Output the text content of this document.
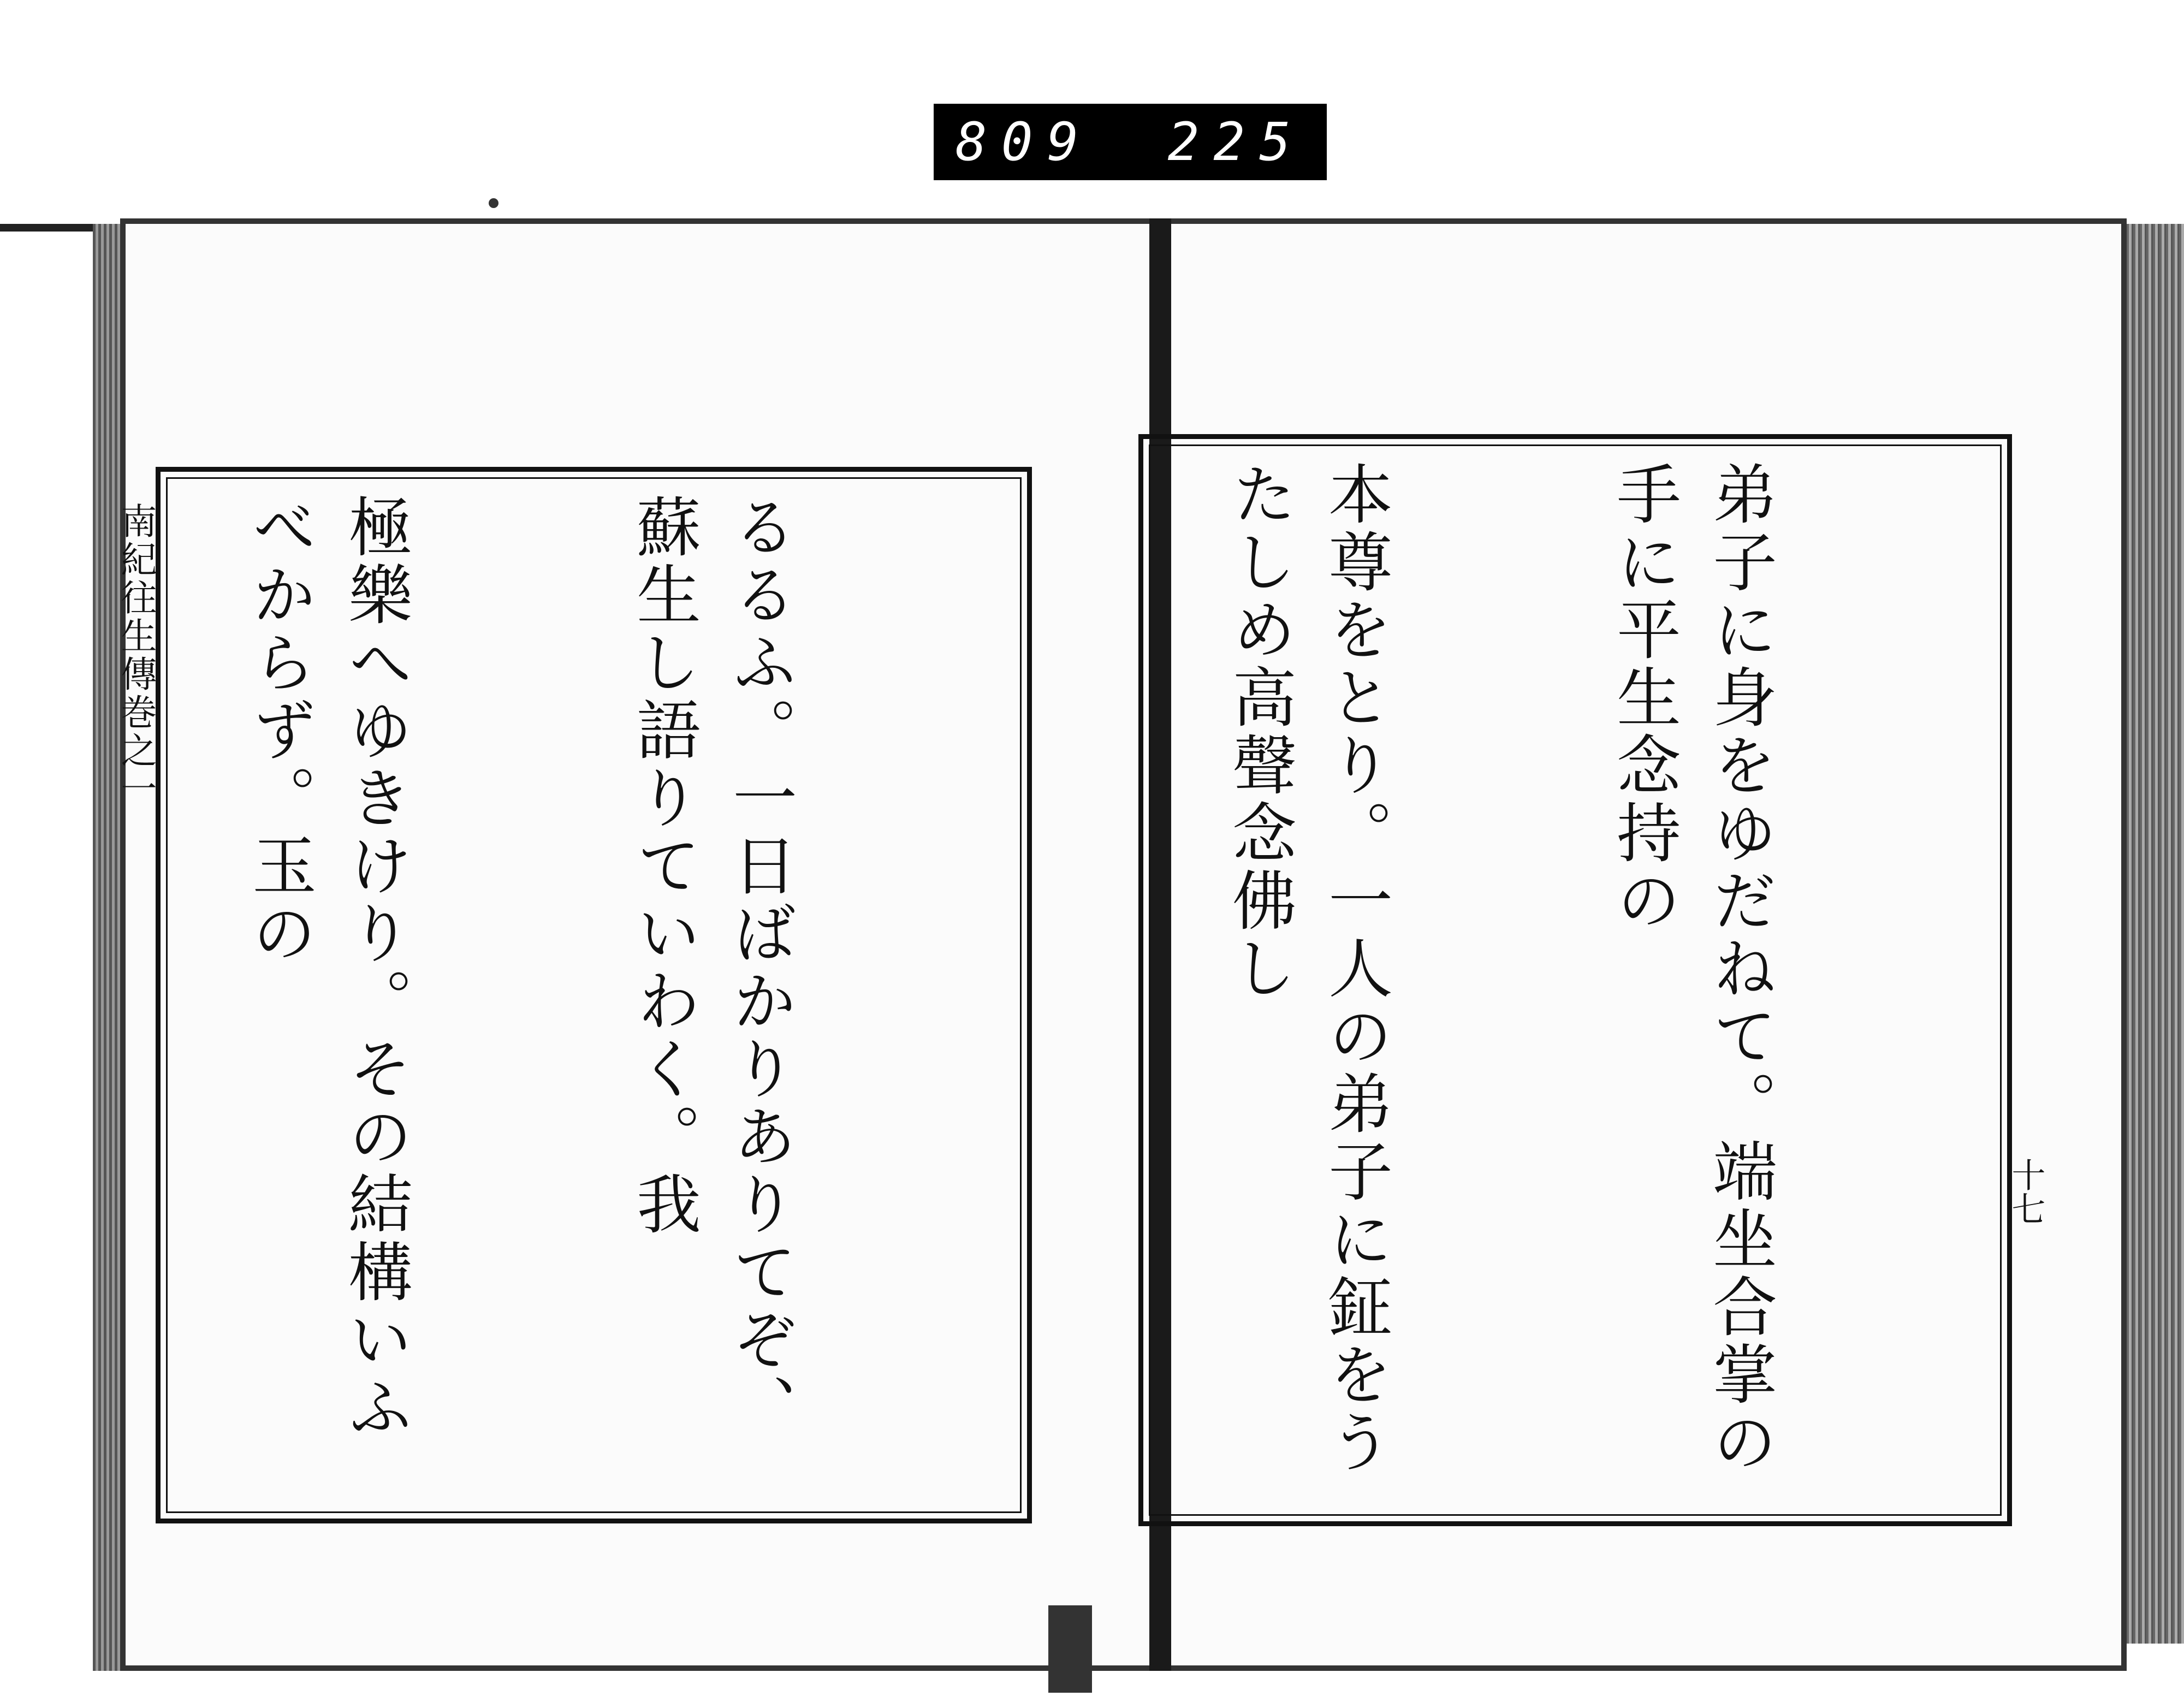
809 225
南紀往生傳巻之一

	るるふ。一日ばかりありてぞ、蘇生し語りていわく。我

極樂へゆきけり。その結構いふべからず。玉の

	弟子に身をゆだねて。端坐合掌の手に平生念持の

本尊をとり。一人の弟子に鉦をうたしめ高聲念佛し

十七
